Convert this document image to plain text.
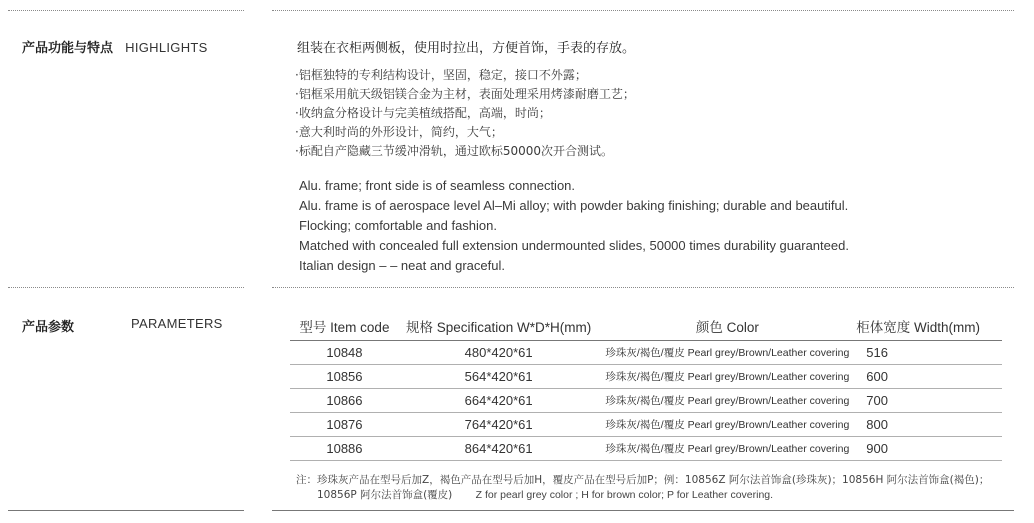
产品功能与特点 HIGHLIGHTS	组装在衣柜两侧板，使用时拉出，方便首饰，手表的存放。
·铝框独特的专利结构设计，坚固，稳定，接口不外露；
·铝框采用航天级铝镁合金为主材，表面处理采用烤漆耐磨工艺；
·收纳盒分格设计与完美植绒搭配，高端，时尚；
·意大利时尚的外形设计，简约，大气；
·标配自产隐藏三节缓冲滑轨，通过欧标50000次开合测试。
Alu. frame; front side is of seamless connection.
Alu. frame is of aerospace level Al–Mi alloy; with powder baking finishing; durable and beautiful.
Flocking; comfortable and fashion.
Matched with concealed full extension undermounted slides, 50000 times durability guaranteed.
Italian design – – neat and graceful.
产品参数	PARAMETERS	型号 Item code	规格 Specification W*D*H(mm)	颜色 Color	柜体宽度 Width(mm)
10848	480*420*61	珍珠灰/褐色/覆皮 Pearl grey/Brown/Leather covering	516
10856	564*420*61	珍珠灰/褐色/覆皮 Pearl grey/Brown/Leather covering	600
10866	664*420*61	珍珠灰/褐色/覆皮 Pearl grey/Brown/Leather covering	700
10876	764*420*61	珍珠灰/褐色/覆皮 Pearl grey/Brown/Leather covering	800
10886	864*420*61	珍珠灰/褐色/覆皮 Pearl grey/Brown/Leather covering	900
注：珍珠灰产品在型号后加Z，褐色产品在型号后加H，覆皮产品在型号后加P；例：10856Z 阿尔法首饰盒(珍珠灰)；10856H 阿尔法首饰盒(褐色)；
10856P 阿尔法首饰盒(覆皮) Z for pearl grey color ; H for brown color; P for Leather covering.
